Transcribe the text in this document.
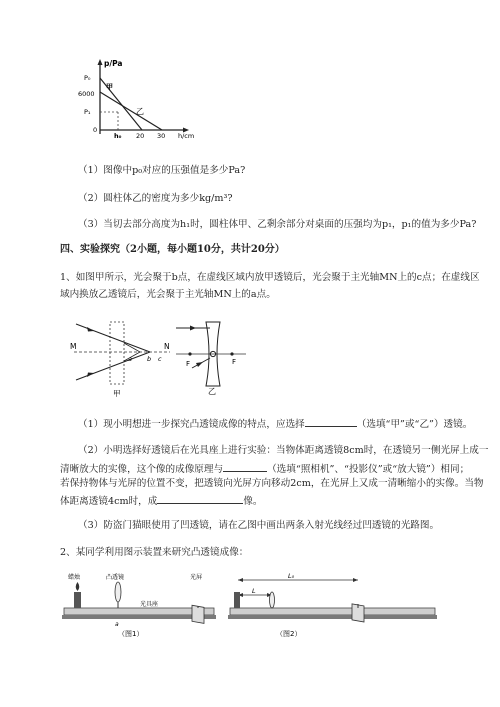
p/Pa
P₀
6000
P₁
0
h₀ 20 30 h/cm
甲
乙
（1）图像中p₀对应的压强值是多少Pa?
（2）圆柱体乙的密度为多少kg/m³?
（3）当切去部分高度为h₁时，圆柱体甲、乙剩余部分对桌面的压强均为p₁，p₁的值为多少Pa?
四、实验探究（2小题，每小题10分，共计20分）
1、如图甲所示，光会聚于b点，在虚线区域内放甲透镜后，光会聚于主光轴MN上的c点；在虚线区
域内换放乙透镜后，光会聚于主光轴MN上的a点。
M	N
a b c
甲
F	F
乙
（1）现小明想进一步探究凸透镜成像的特点，应选择	（选填“甲”或“乙”）透镜。
（2）小明选择好透镜后在光具座上进行实验：当物体距离透镜8cm时，在透镜另一侧光屏上成一
清晰放大的实像，这个像的成像原理与	（选填“照相机”、“投影仪”或“放大镜”）相同；
若保持物体与光屏的位置不变，把透镜向光屏方向移动2cm，在光屏上又成一清晰缩小的实像。当物
体距离透镜4cm时，成	像。
（3）防盗门猫眼使用了凹透镜，请在乙图中画出两条入射光线经过凹透镜的光路图。
2、某同学利用图示装置来研究凸透镜成像：
蜡烛	凸透镜	光屏
光具座
a
（图1）
L₀
L
（图2）
